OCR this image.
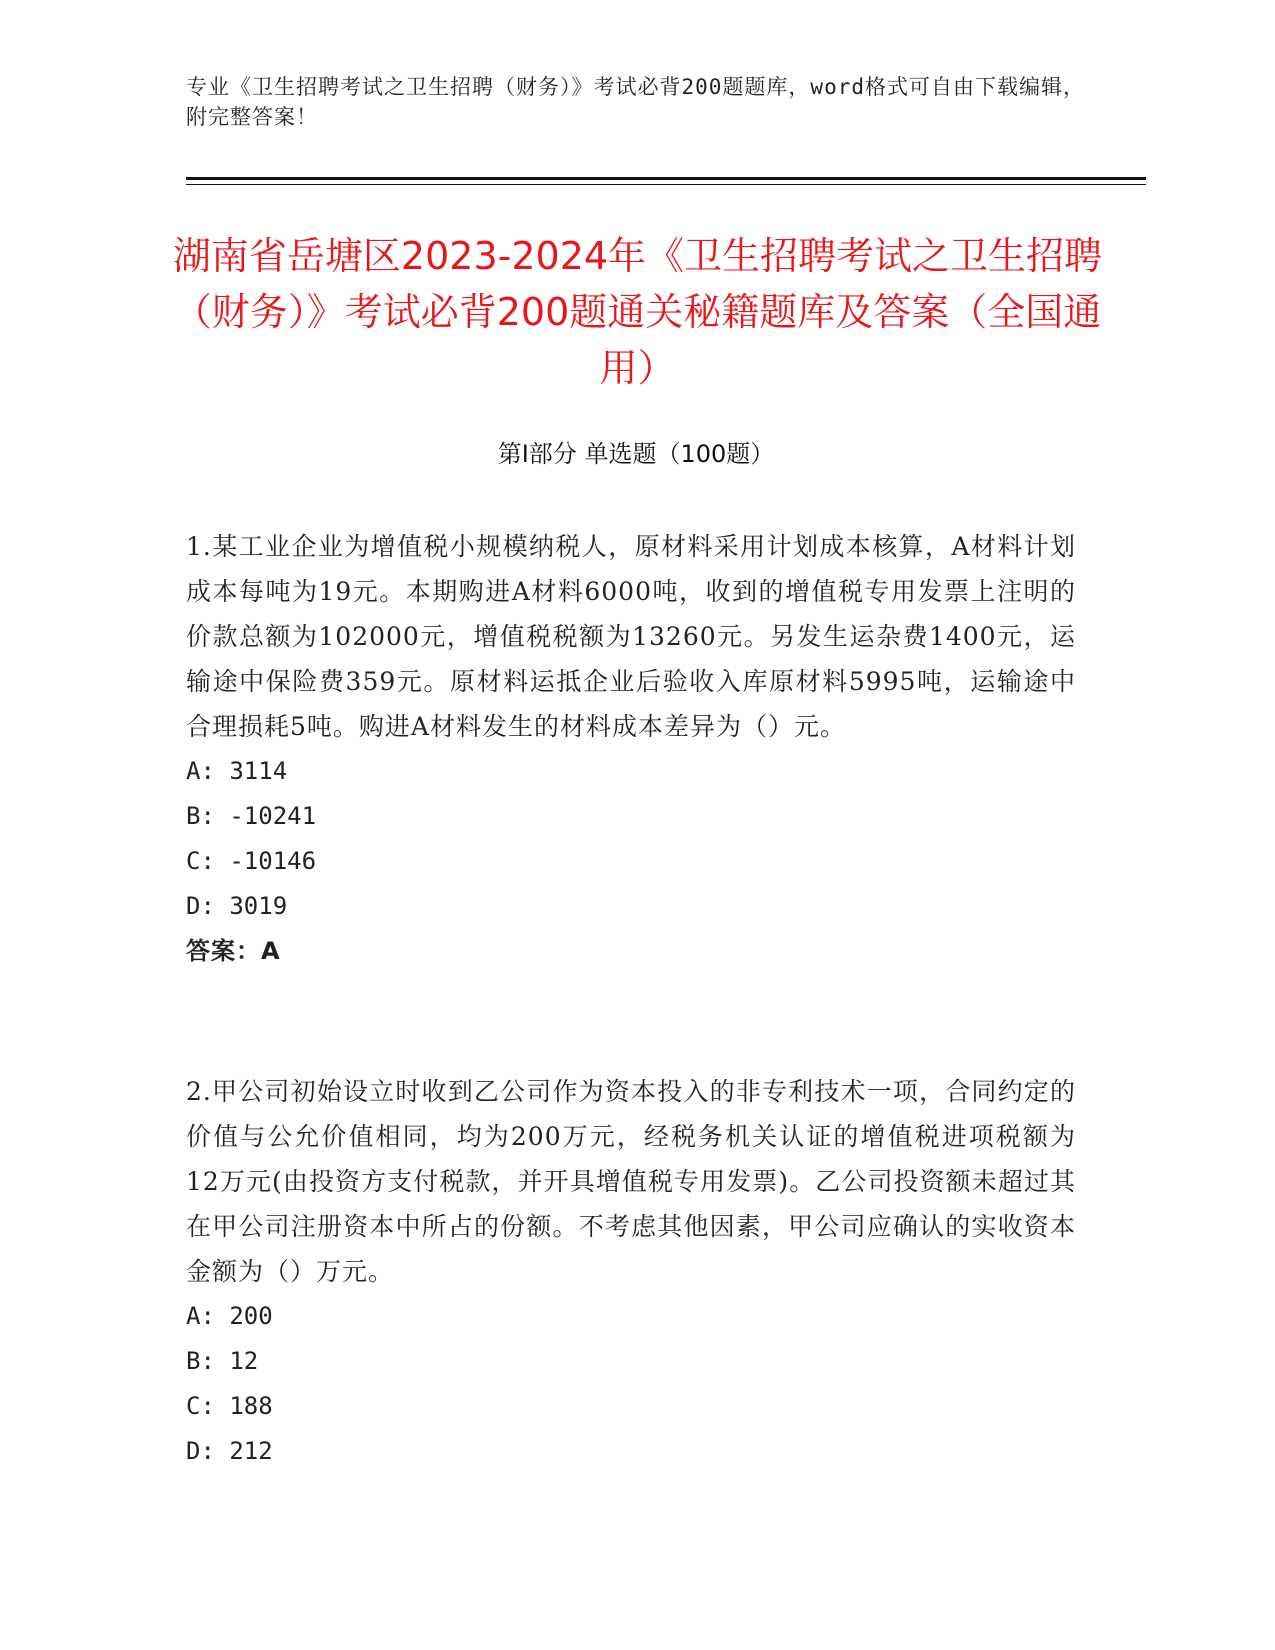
专业《卫生招聘考试之卫生招聘（财务）》考试必背200题题库，word格式可自由下载编辑，附完整答案！
湖南省岳塘区2023-2024年《卫生招聘考试之卫生招聘（财务）》考试必背200题通关秘籍题库及答案（全国通用）
第I部分 单选题（100题）

1.某工业企业为增值税小规模纳税人，原材料采用计划成本核算，A材料计划成本每吨为19元。本期购进A材料6000吨，收到的增值税专用发票上注明的价款总额为102000元，增值税税额为13260元。另发生运杂费1400元，运输途中保险费359元。原材料运抵企业后验收入库原材料5995吨，运输途中合理损耗5吨。购进A材料发生的材料成本差异为（）元。

A: 3114

B: -10241

C: -10146

D: 3019

答案：A

2.甲公司初始设立时收到乙公司作为资本投入的非专利技术一项，合同约定的价值与公允价值相同，均为200万元，经税务机关认证的增值税进项税额为12万元(由投资方支付税款，并开具增值税专用发票)。乙公司投资额未超过其在甲公司注册资本中所占的份额。不考虑其他因素，甲公司应确认的实收资本金额为（）万元。

A: 200

B: 12

C: 188

D: 212
